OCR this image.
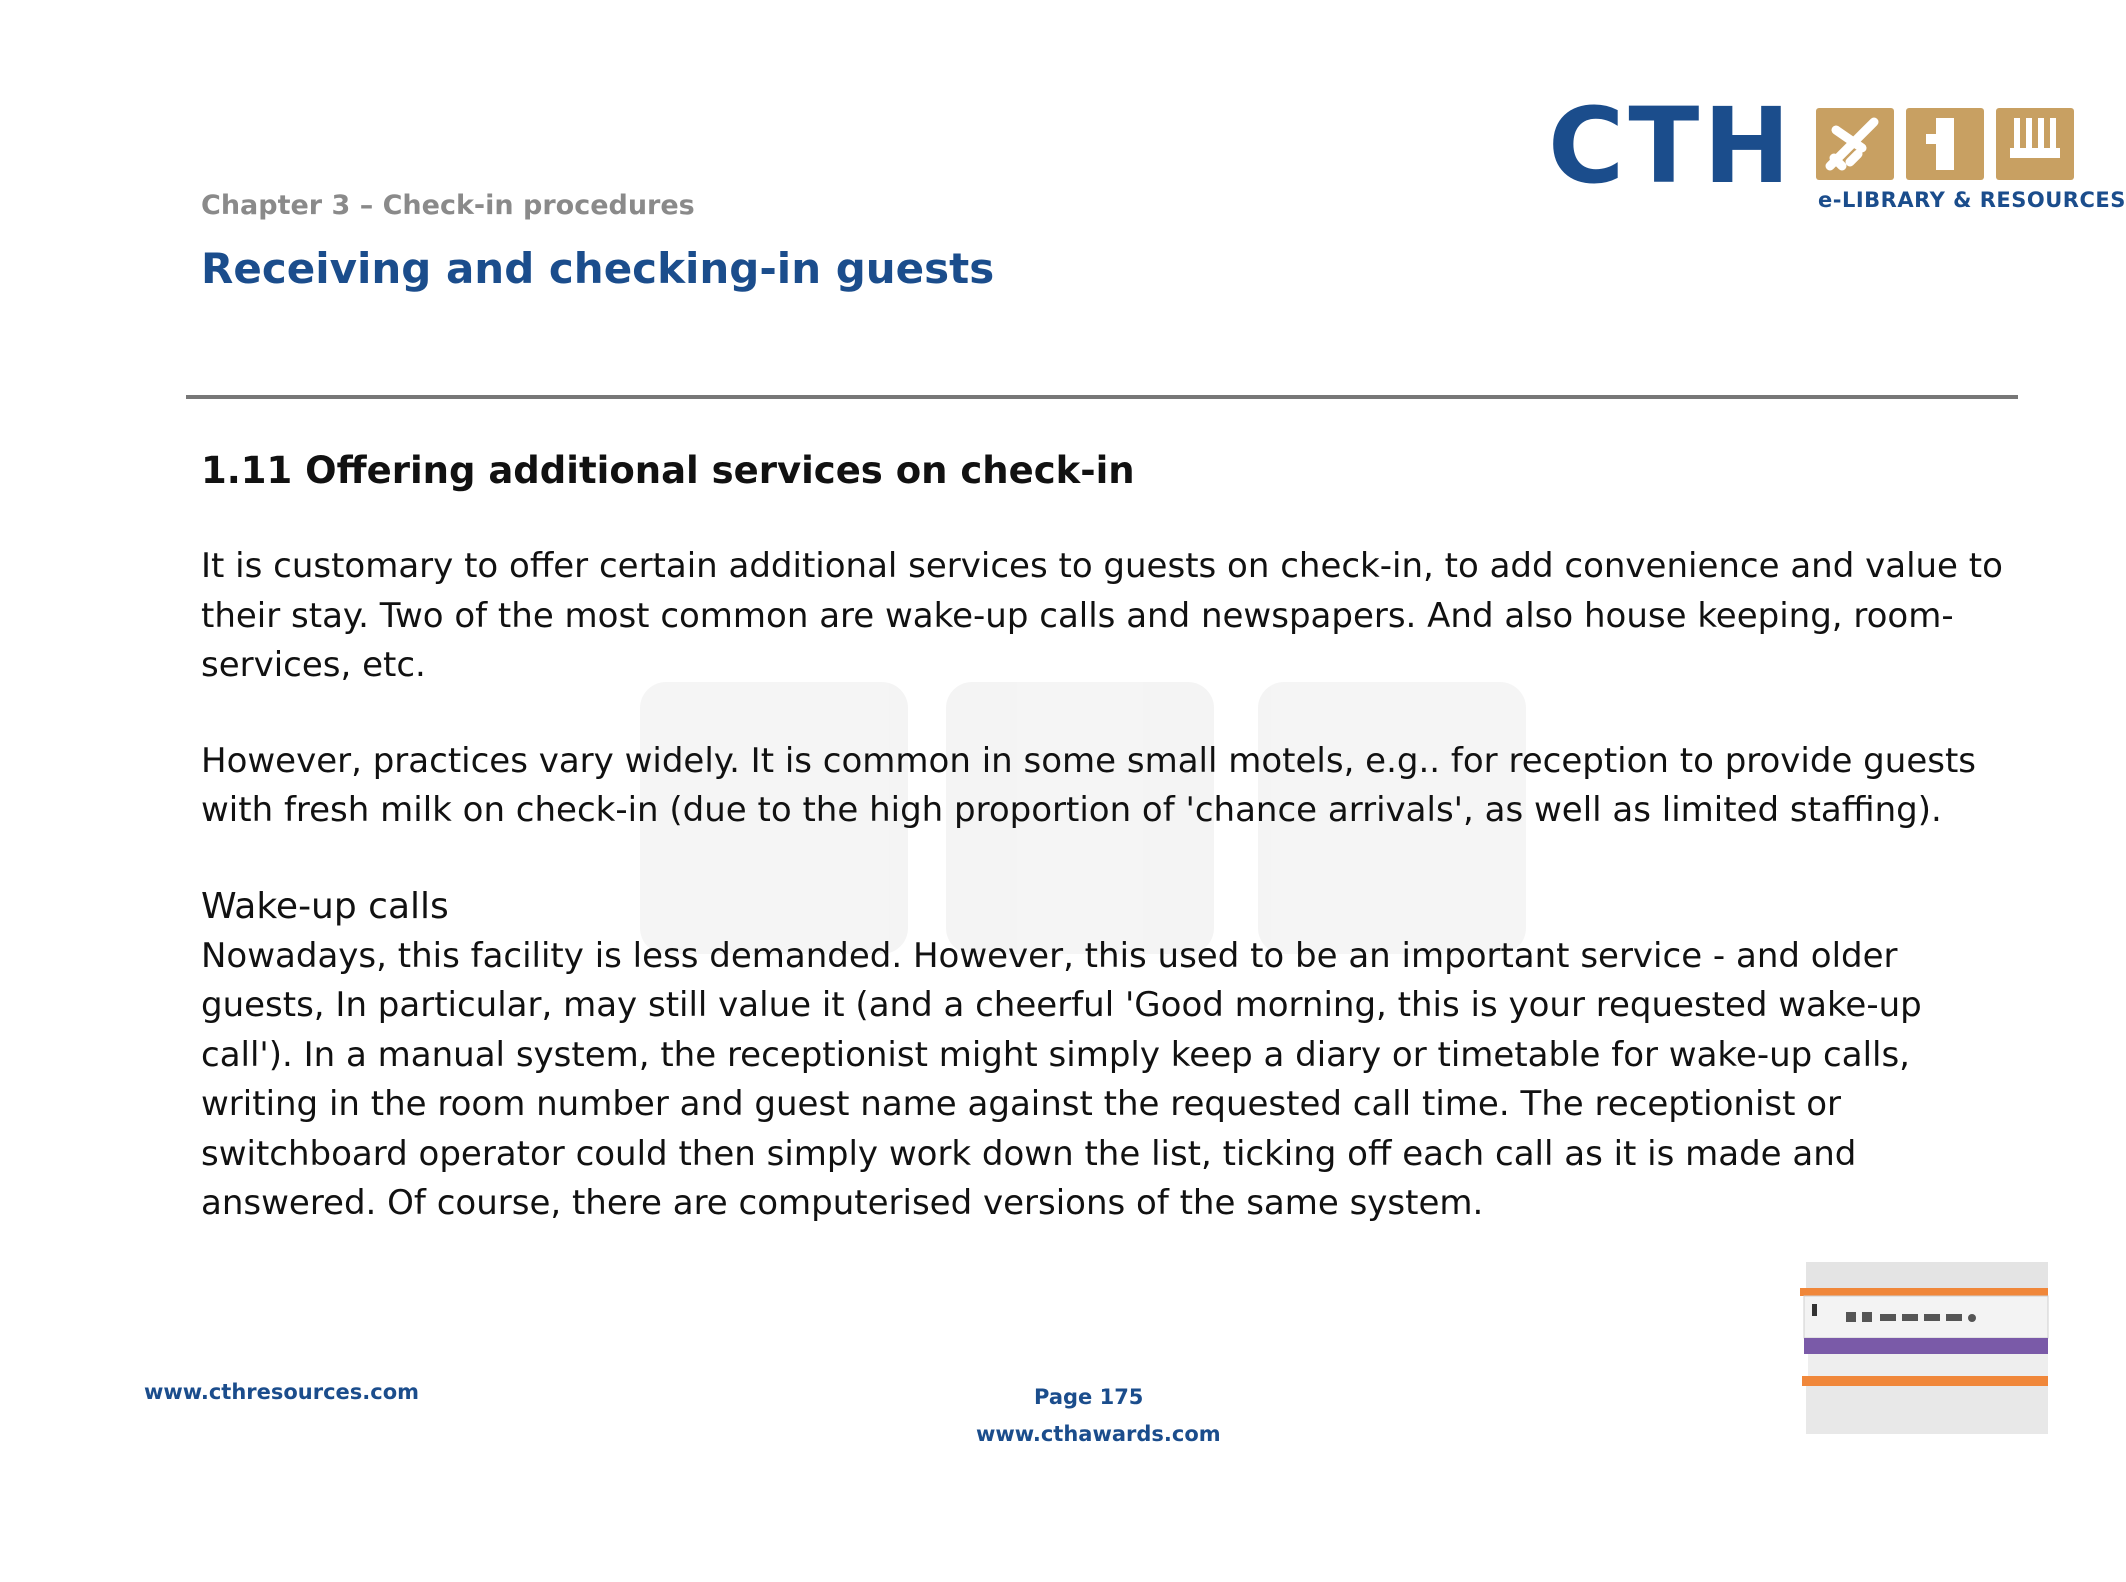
CTH e-LIBRARY & RESOURCES
Chapter 3 – Check-in procedures
Receiving and checking-in guests
1.11 Offering additional services on check-in

It is customary to offer certain additional services to guests on check-in, to add convenience and value to their stay. Two of the most common are wake-up calls and newspapers. And also house keeping, room-services, etc.

However, practices vary widely. It is common in some small motels, e.g.. for reception to provide guests with fresh milk on check-in (due to the high proportion of 'chance arrivals', as well as limited staffing).

Wake-up calls

Nowadays, this facility is less demanded. However, this used to be an important service - and older guests, In particular, may still value it (and a cheerful 'Good morning, this is your requested wake-up call'). In a manual system, the receptionist might simply keep a diary or timetable for wake-up calls, writing in the room number and guest name against the requested call time. The receptionist or switchboard operator could then simply work down the list, ticking off each call as it is made and answered. Of course, there are computerised versions of the same system.

www.cthresources.com	Page 175
www.cthawards.com
